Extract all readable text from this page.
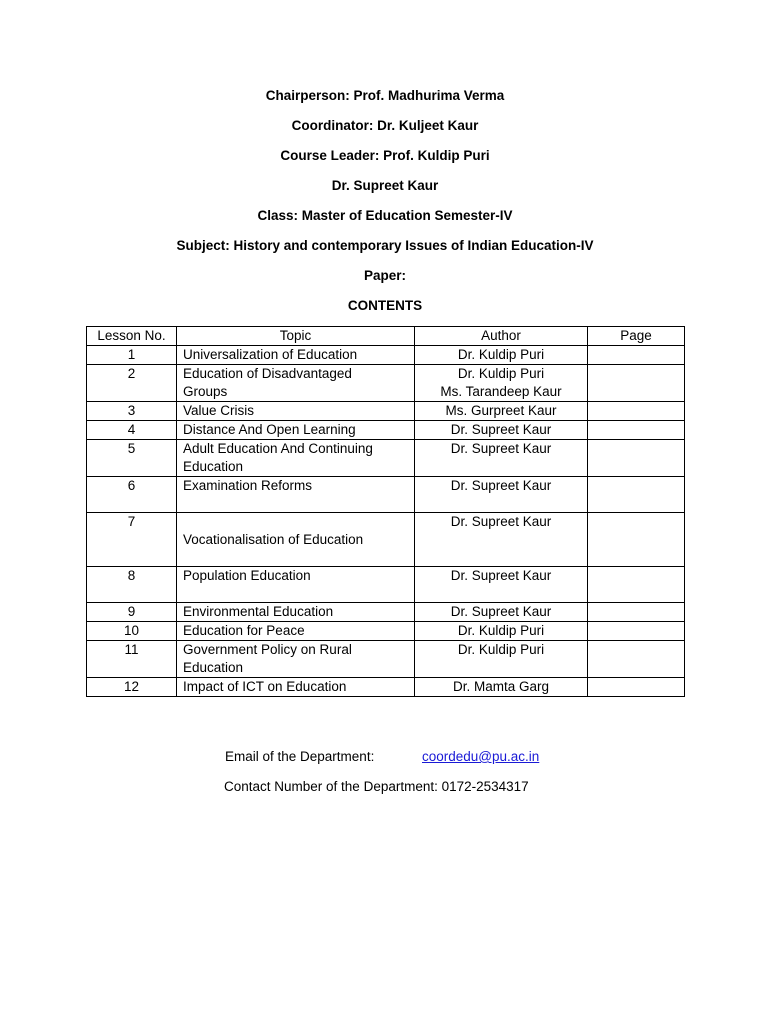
Chairperson: Prof. Madhurima Verma
Coordinator: Dr. Kuljeet Kaur
Course Leader: Prof. Kuldip Puri
Dr. Supreet Kaur
Class: Master of Education Semester-IV
Subject: History and contemporary Issues of Indian Education-IV
Paper:
CONTENTS
Lesson No.	Topic	Author	Page
1	Universalization of Education	Dr. Kuldip Puri	

2	Education of Disadvantaged
Groups	Dr. Kuldip Puri
Ms. Tarandeep Kaur	

3	Value Crisis	Ms. Gurpreet Kaur	

4	Distance And Open Learning	Dr. Supreet Kaur	

5	Adult Education And Continuing
Education	Dr. Supreet Kaur	

6	Examination Reforms	Dr. Supreet Kaur	

7	Vocationalisation of Education	Dr. Supreet Kaur	

8	Population Education	Dr. Supreet Kaur	

9	Environmental Education	Dr. Supreet Kaur	

10	Education for Peace	Dr. Kuldip Puri	

11	Government Policy on Rural
Education	Dr. Kuldip Puri	

12	Impact of ICT on Education	Dr. Mamta Garg	

Email of the Department:	coordedu@pu.ac.in
Contact Number of the Department: 0172-2534317
